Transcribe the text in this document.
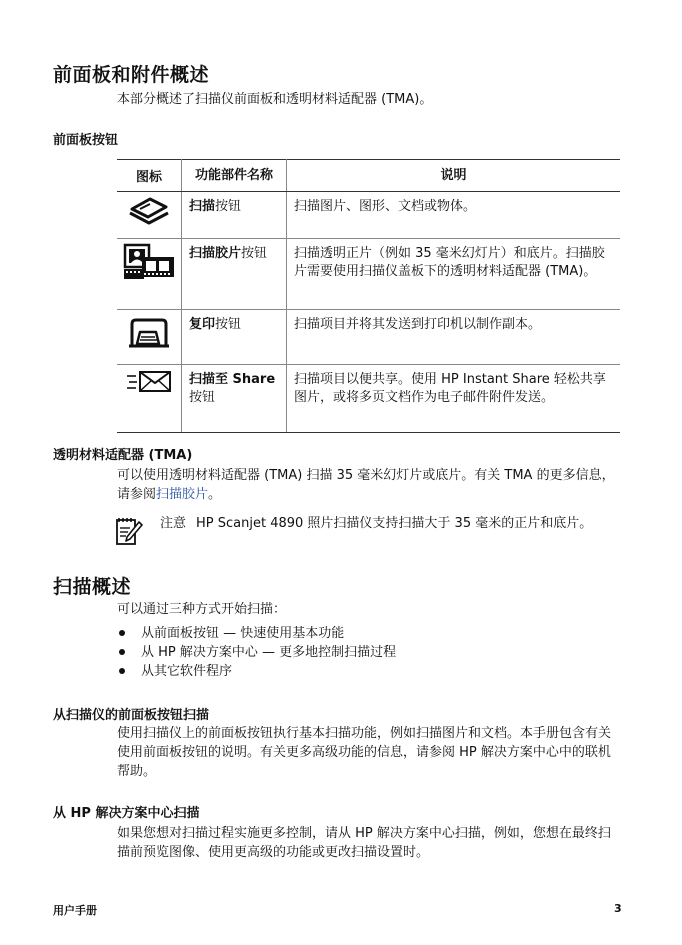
前面板和附件概述

本部分概述了扫描仪前面板和透明材料适配器 (TMA)。

前面板按钮
图标	功能部件名称	说明
	扫描按钮	扫描图片、图形、文档或物体。
	扫描胶片按钮	扫描透明正片（例如 35 毫米幻灯片）和底片。扫描胶片需要使用扫描仪盖板下的透明材料适配器 (TMA)。
	复印按钮	扫描项目并将其发送到打印机以制作副本。
	扫描至 Share
按钮	扫描项目以便共享。使用 HP Instant Share 轻松共享图片，或将多页文档作为电子邮件附件发送。
透明材料适配器 (TMA)

可以使用透明材料适配器 (TMA) 扫描 35 毫米幻灯片或底片。有关 TMA 的更多信息，请参阅扫描胶片。

注意 HP Scanjet 4890 照片扫描仪支持扫描大于 35 毫米的正片和底片。

扫描概述

可以通过三种方式开始扫描：

从前面板按钮 — 快速使用基本功能
从 HP 解决方案中心 — 更多地控制扫描过程
从其它软件程序
从扫描仪的前面板按钮扫描

使用扫描仪上的前面板按钮执行基本扫描功能，例如扫描图片和文档。本手册包含有关使用前面板按钮的说明。有关更多高级功能的信息，请参阅 HP 解决方案中心中的联机帮助。

从 HP 解决方案中心扫描

如果您想对扫描过程实施更多控制，请从 HP 解决方案中心扫描，例如，您想在最终扫描前预览图像、使用更高级的功能或更改扫描设置时。

用户手册	3
